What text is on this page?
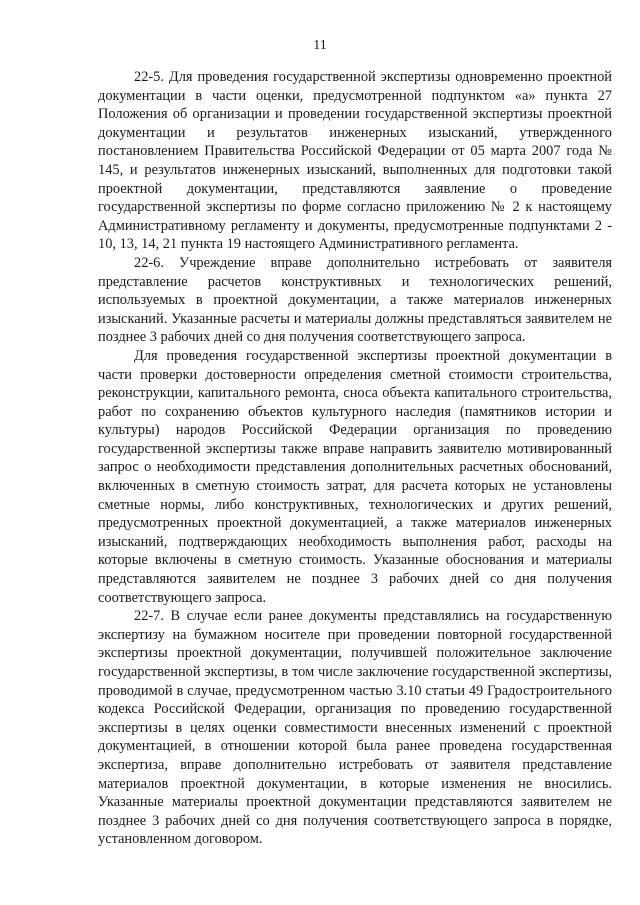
11

22-5. Для проведения государственной экспертизы одновременно проектной документации в части оценки, предусмотренной подпунктом «а» пункта 27 Положения об организации и проведении государственной экспертизы проектной документации и результатов инженерных изысканий, утвержденного постановлением Правительства Российской Федерации от 05 марта 2007 года № 145, и результатов инженерных изысканий, выполненных для подготовки такой проектной документации, представляются заявление о проведение государственной экспертизы по форме согласно приложению № 2 к настоящему Административному регламенту и документы, предусмотренные подпунктами 2 - 10, 13, 14, 21 пункта 19 настоящего Административного регламента.

22-6. Учреждение вправе дополнительно истребовать от заявителя представление расчетов конструктивных и технологических решений, используемых в проектной документации, а также материалов инженерных изысканий. Указанные расчеты и материалы должны представляться заявителем не позднее 3 рабочих дней со дня получения соответствующего запроса.

Для проведения государственной экспертизы проектной документации в части проверки достоверности определения сметной стоимости строительства, реконструкции, капитального ремонта, сноса объекта капитального строительства, работ по сохранению объектов культурного наследия (памятников истории и культуры) народов Российской Федерации организация по проведению государственной экспертизы также вправе направить заявителю мотивированный запрос о необходимости представления дополнительных расчетных обоснований, включенных в сметную стоимость затрат, для расчета которых не установлены сметные нормы, либо конструктивных, технологических и других решений, предусмотренных проектной документацией, а также материалов инженерных изысканий, подтверждающих необходимость выполнения работ, расходы на которые включены в сметную стоимость. Указанные обоснования и материалы представляются заявителем не позднее 3 рабочих дней со дня получения соответствующего запроса.

22-7. В случае если ранее документы представлялись на государственную экспертизу на бумажном носителе при проведении повторной государственной экспертизы проектной документации, получившей положительное заключение государственной экспертизы, в том числе заключение государственной экспертизы, проводимой в случае, предусмотренном частью 3.10 статьи 49 Градостроительного кодекса Российской Федерации, организация по проведению государственной экспертизы в целях оценки совместимости внесенных изменений с проектной документацией, в отношении которой была ранее проведена государственная экспертиза, вправе дополнительно истребовать от заявителя представление материалов проектной документации, в которые изменения не вносились. Указанные материалы проектной документации представляются заявителем не позднее 3 рабочих дней со дня получения соответствующего запроса в порядке, установленном договором.
